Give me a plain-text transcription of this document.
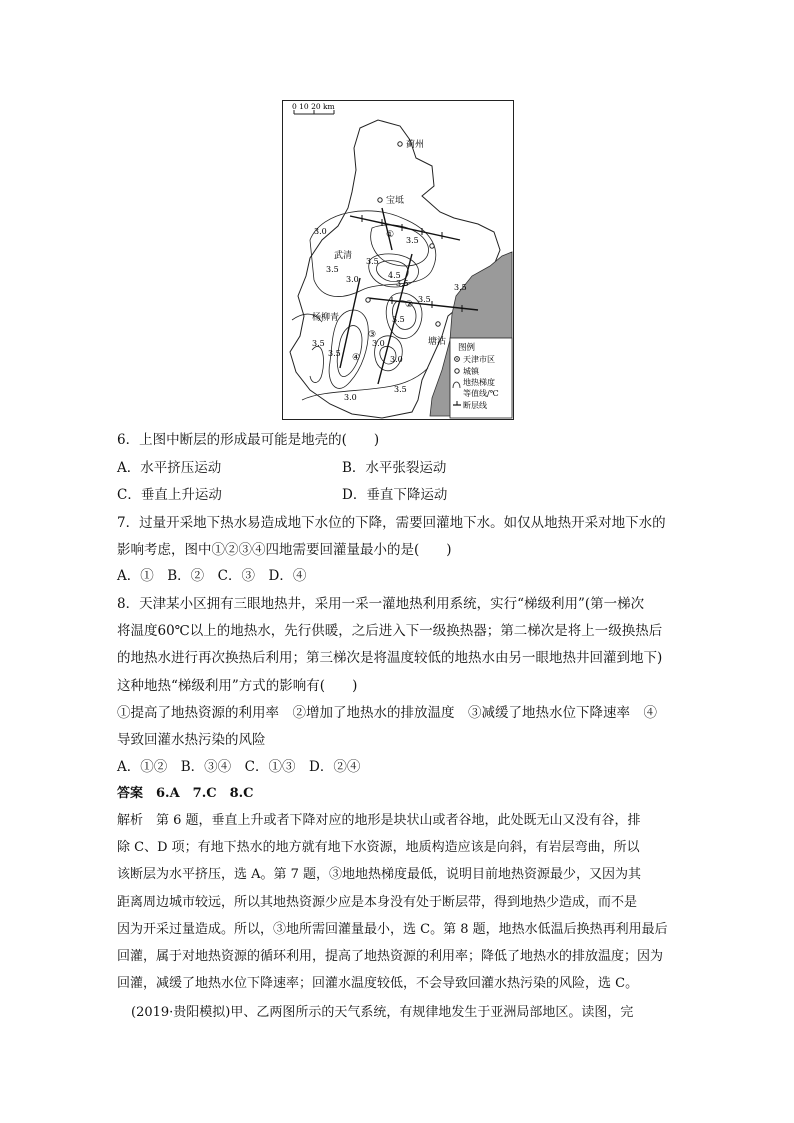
0 10 20 km
蓟州
宝坻
武清
杨柳青
塘沽
①
②
③
④
3.0
3.5
3.5
3.5
4.5
3.5
3.0	3.5
3.5
3.5
3.0
3.5
3.0
3.5
3.0
3.5
图例
天津市区
城镇
地热梯度
等值线/℃
断层线
6．上图中断层的形成最可能是地壳的(　　)
A．水平挤压运动	B．水平张裂运动
C．垂直上升运动	D．垂直下降运动
7．过量开采地下热水易造成地下水位的下降，需要回灌地下水。如仅从地热开采对地下水的
影响考虑，图中①②③④四地需要回灌量最小的是(　　)
A．①　B．②　C．③　D．④
8．天津某小区拥有三眼地热井，采用一采一灌地热利用系统，实行“梯级利用”(第一梯次
将温度60℃以上的地热水，先行供暖，之后进入下一级换热器；第二梯次是将上一级换热后
的地热水进行再次换热后利用；第三梯次是将温度较低的地热水由另一眼地热井回灌到地下)
这种地热“梯级利用”方式的影响有(　　)
①提高了地热资源的利用率　②增加了地热水的排放温度　③减缓了地热水位下降速率　④
导致回灌水热污染的风险
A．①②　B．③④　C．①③　D．②④
答案　6.A　7.C　8.C
解析　第 6 题，垂直上升或者下降对应的地形是块状山或者谷地，此处既无山又没有谷，排
除 C、D 项；有地下热水的地方就有地下水资源，地质构造应该是向斜，有岩层弯曲，所以
该断层为水平挤压，选 A。第 7 题，③地地热梯度最低，说明目前地热资源最少，又因为其
距离周边城市较远，所以其地热资源少应是本身没有处于断层带，得到地热少造成，而不是
因为开采过量造成。所以，③地所需回灌量最小，选 C。第 8 题，地热水低温后换热再利用最后
回灌，属于对地热资源的循环利用，提高了地热资源的利用率；降低了地热水的排放温度；因为
回灌，减缓了地热水位下降速率；回灌水温度较低，不会导致回灌水热污染的风险，选 C。
(2019·贵阳模拟)甲、乙两图所示的天气系统，有规律地发生于亚洲局部地区。读图，完
